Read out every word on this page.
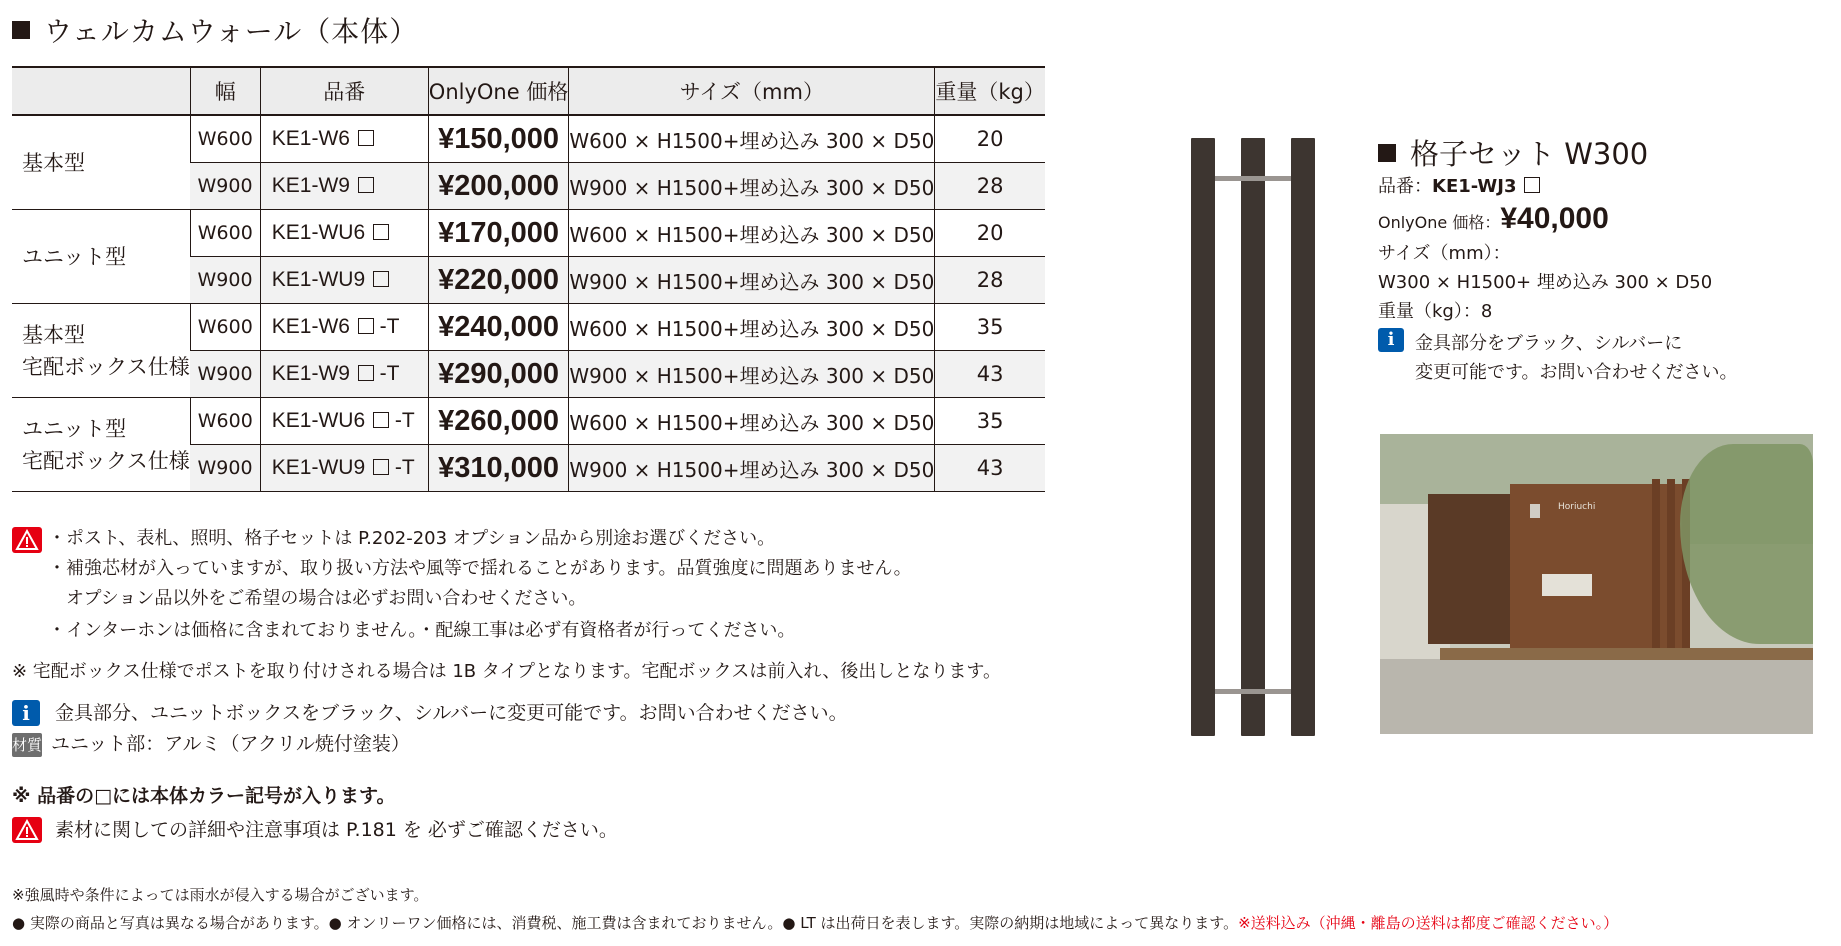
ウェルカムウォール（本体）
	幅	品番	OnlyOne 価格	サイズ（mm）	重量（kg）
基本型	W600	KE1-W6	¥150,000	W600 × H1500+埋め込み 300 × D50	20
	W900	KE1-W9	¥200,000	W900 × H1500+埋め込み 300 × D50	28
ユニット型	W600	KE1-WU6	¥170,000	W600 × H1500+埋め込み 300 × D50	20
	W900	KE1-WU9	¥220,000	W900 × H1500+埋め込み 300 × D50	28
基本型
宅配ボックス仕様	W600	KE1-W6 -T	¥240,000	W600 × H1500+埋め込み 300 × D50	35
	W900	KE1-W9 -T	¥290,000	W900 × H1500+埋め込み 300 × D50	43
ユニット型
宅配ボックス仕様	W600	KE1-WU6 -T	¥260,000	W600 × H1500+埋め込み 300 × D50	35
	W900	KE1-WU9 -T	¥310,000	W900 × H1500+埋め込み 300 × D50	43
・ポスト、表札、照明、格子セットは P.202-203 オプション品から別途お選びください。
・補強芯材が入っていますが、取り扱い方法や風等で揺れることがあります。品質強度に問題ありません。
オプション品以外をご希望の場合は必ずお問い合わせください。
・インターホンは価格に含まれておりません。・配線工事は必ず有資格者が行ってください。
※ 宅配ボックス仕様でポストを取り付けされる場合は 1B タイプとなります。宅配ボックスは前入れ、後出しとなります。
i	金具部分、ユニットボックスをブラック、シルバーに変更可能です。お問い合わせください。
材質 ユニット部：アルミ（アクリル焼付塗装）
※ 品番の□には本体カラー記号が入ります。
素材に関しての詳細や注意事項は P.181 を 必ずご確認ください。
※強風時や条件によっては雨水が侵入する場合がございます。
● 実際の商品と写真は異なる場合があります。● オンリーワン価格には、消費税、施工費は含まれておりません。● LT は出荷日を表します。実際の納期は地域によって異なります。※送料込み（沖縄・離島の送料は都度ご確認ください。）
格子セット W300
品番：KE1-WJ3
OnlyOne 価格：¥40,000
サイズ（mm）：
W300 × H1500+ 埋め込み 300 × D50
重量（kg）：8
i	金具部分をブラック、シルバーに
変更可能です。お問い合わせください。
Horiuchi
